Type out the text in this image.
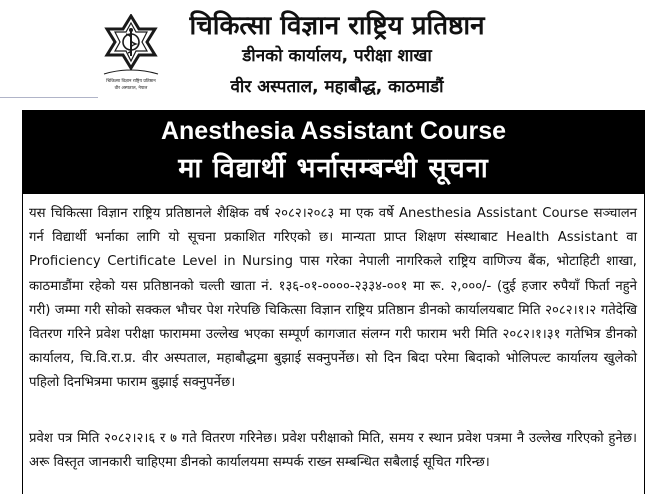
चिकित्सा विज्ञान राष्ट्रिय प्रतिष्ठान
वीर अस्पताल, नेपाल
चिकित्सा विज्ञान राष्ट्रिय प्रतिष्ठान

डीनको कार्यालय, परीक्षा शाखा

वीर अस्पताल, महाबौद्ध, काठमाडौं

Anesthesia Assistant Course
मा विद्यार्थी भर्नासम्बन्धी सूचना

यस चिकित्सा विज्ञान राष्ट्रिय प्रतिष्ठानले शैक्षिक वर्ष २०८२।२०८३ मा एक वर्षे Anesthesia Assistant Course सञ्चालन गर्न विद्यार्थी भर्नाका लागि यो सूचना प्रकाशित गरिएको छ। मान्यता प्राप्त शिक्षण संस्थाबाट Health Assistant वा Proficiency Certificate Level in Nursing पास गरेका नेपाली नागरिकले राष्ट्रिय वाणिज्य बैंक, भोटाहिटी शाखा, काठमाडौंमा रहेको यस प्रतिष्ठानको चल्ती खाता नं. १३६-०१-००००-२३३४-००१ मा रू. २,०००/- (दुई हजार रुपैयाँ फिर्ता नहुने गरी) जम्मा गरी सोको सक्कल भौचर पेश गरेपछि चिकित्सा विज्ञान राष्ट्रिय प्रतिष्ठान डीनको कार्यालयबाट मिति २०८२।१।२ गतेदेखि वितरण गरिने प्रवेश परीक्षा फाराममा उल्लेख भएका सम्पूर्ण कागजात संलग्न गरी फाराम भरी मिति २०८२।१।३१ गतेभित्र डीनको कार्यालय, चि.वि.रा.प्र. वीर अस्पताल, महाबौद्धमा बुझाई सक्नुपर्नेछ। सो दिन बिदा परेमा बिदाको भोलिपल्ट कार्यालय खुलेको पहिलो दिनभित्रमा फाराम बुझाई सक्नुपर्नेछ।

प्रवेश पत्र मिति २०८२।२।६ र ७ गते वितरण गरिनेछ। प्रवेश परीक्षाको मिति, समय र स्थान प्रवेश पत्रमा नै उल्लेख गरिएको हुनेछ। अरू विस्तृत जानकारी चाहिएमा डीनको कार्यालयमा सम्पर्क राख्न सम्बन्धित सबैलाई सूचित गरिन्छ।
